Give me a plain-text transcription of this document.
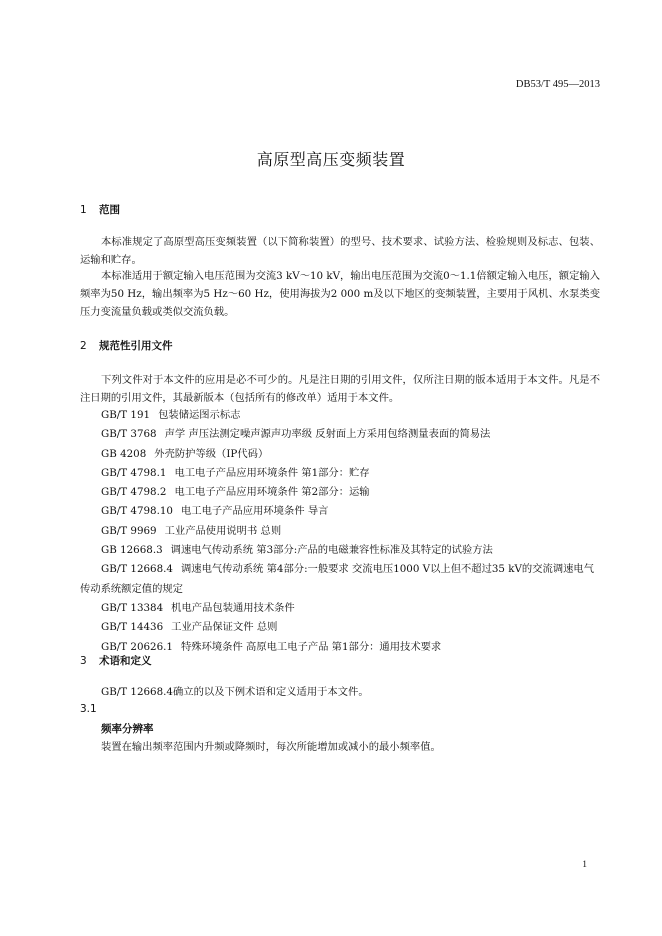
DB53/T 495—2013
高原型高压变频装置
1 范围
本标准规定了高原型高压变频装置（以下简称装置）的型号、技术要求、试验方法、检验规则及标志、包装、运输和贮存。
本标准适用于额定输入电压范围为交流3 kV～10 kV，输出电压范围为交流0～1.1倍额定输入电压，额定输入频率为50 Hz，输出频率为5 Hz～60 Hz，使用海拔为2 000 m及以下地区的变频装置，主要用于风机、水泵类变压力变流量负载或类似交流负载。
2 规范性引用文件
下列文件对于本文件的应用是必不可少的。凡是注日期的引用文件，仅所注日期的版本适用于本文件。凡是不注日期的引用文件，其最新版本（包括所有的修改单）适用于本文件。
GB/T 191 包装储运图示标志
GB/T 3768 声学 声压法测定噪声源声功率级 反射面上方采用包络测量表面的简易法
GB 4208 外壳防护等级（IP代码）
GB/T 4798.1 电工电子产品应用环境条件 第1部分：贮存
GB/T 4798.2 电工电子产品应用环境条件 第2部分：运输
GB/T 4798.10 电工电子产品应用环境条件 导言
GB/T 9969 工业产品使用说明书 总则
GB 12668.3 调速电气传动系统 第3部分:产品的电磁兼容性标准及其特定的试验方法
GB/T 12668.4 调速电气传动系统 第4部分:一般要求 交流电压1000 V以上但不超过35 kV的交流调速电气传动系统额定值的规定
GB/T 13384 机电产品包装通用技术条件
GB/T 14436 工业产品保证文件 总则
GB/T 20626.1 特殊环境条件 高原电工电子产品 第1部分：通用技术要求
3 术语和定义
GB/T 12668.4确立的以及下例术语和定义适用于本文件。
3.1
频率分辨率
装置在输出频率范围内升频或降频时，每次所能增加或减小的最小频率值。
1
